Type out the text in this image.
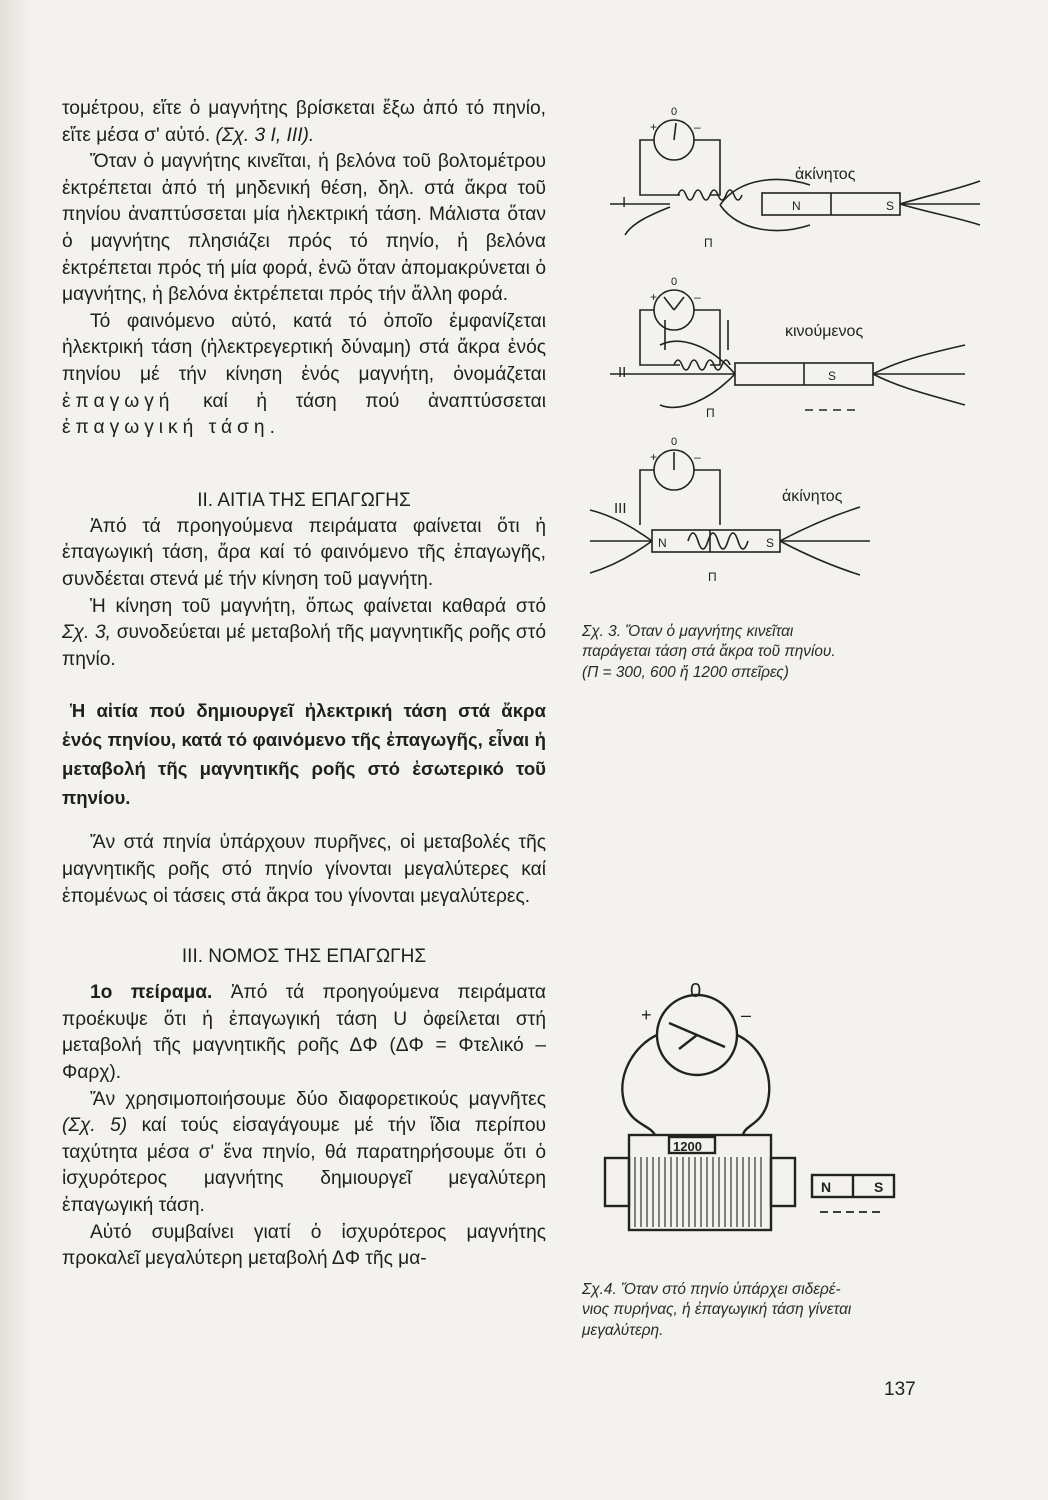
τομέτρου, εἴτε ὁ μαγνήτης βρίσκεται ἔξω ἀπό τό πηνίο, εἴτε μέσα σ' αὐτό. (Σχ. 3 Ι, ΙΙΙ).

Ὅταν ὁ μαγνήτης κινεῖται, ἡ βελόνα τοῦ βολτομέτρου ἐκτρέπεται ἀπό τή μηδενική θέση, δηλ. στά ἄκρα τοῦ πηνίου ἀναπτύσσεται μία ἠλεκτρική τάση. Μάλιστα ὅταν ὁ μαγνήτης πλησιάζει πρός τό πηνίο, ἡ βελόνα ἐκτρέπεται πρός τή μία φορά, ἐνῶ ὅταν ἀπομακρύνεται ὁ μαγνήτης, ἡ βελόνα ἐκτρέπεται πρός τήν ἄλλη φορά.

Τό φαινόμενο αὐτό, κατά τό ὁποῖο ἐμφανίζεται ἠλεκτρική τάση (ἠλεκτρεγερτική δύναμη) στά ἄκρα ἑνός πηνίου μέ τήν κίνηση ἑνός μαγνήτη, ὀνομάζεται ἐπαγωγή καί ἡ τάση πού ἀναπτύσσεται ἐπαγωγική τάση.

ΙΙ. ΑΙΤΙΑ ΤΗΣ ΕΠΑΓΩΓΗΣ

Ἀπό τά προηγούμενα πειράματα φαίνεται ὅτι ἡ ἐπαγωγική τάση, ἄρα καί τό φαινόμενο τῆς ἐπαγωγῆς, συνδέεται στενά μέ τήν κίνηση τοῦ μαγνήτη.

Ἡ κίνηση τοῦ μαγνήτη, ὅπως φαίνεται καθαρά στό Σχ. 3, συνοδεύεται μέ μεταβολή τῆς μαγνητικῆς ροῆς στό πηνίο.

Ἡ αἰτία πού δημιουργεῖ ἠλεκτρική τάση στά ἄκρα ἑνός πηνίου, κατά τό φαινόμενο τῆς ἐπαγωγῆς, εἶναι ἡ μεταβολή τῆς μαγνητικῆς ροῆς στό ἐσωτερικό τοῦ πηνίου.

Ἄν στά πηνία ὑπάρχουν πυρῆνες, οἱ μεταβολές τῆς μαγνητικῆς ροῆς στό πηνίο γίνονται μεγαλύτερες καί ἑπομένως οἱ τάσεις στά ἄκρα του γίνονται μεγαλύτερες.

ΙΙΙ. ΝΟΜΟΣ ΤΗΣ ΕΠΑΓΩΓΗΣ

1ο πείραμα. Ἀπό τά προηγούμενα πειράματα προέκυψε ὅτι ἡ ἐπαγωγική τάση U ὀφείλεται στή μεταβολή τῆς μαγνητικῆς ροῆς ΔΦ (ΔΦ = Φτελικό – Φαρχ).

Ἄν χρησιμοποιήσουμε δύο διαφορετικούς μαγνῆτες (Σχ. 5) καί τούς εἰσαγάγουμε μέ τήν ἴδια περίπου ταχύτητα μέσα σ' ἕνα πηνίο, θά παρατηρήσουμε ὅτι ὁ ἰσχυρότερος μαγνήτης δημιουργεῖ μεγαλύτερη ἐπαγωγική τάση.

Αὐτό συμβαίνει γιατί ὁ ἰσχυρότερος μαγνήτης προκαλεῖ μεγαλύτερη μεταβολή ΔΦ τῆς μα-

Ι
ΙΙ
ΙΙΙ
ἀκίνητος
κινούμενος
ἀκίνητος
Π
Π
Π
N	S
S
N	S
0
+	–
0
+	–
0
+	–
Σχ. 3. Ὅταν ὁ μαγνήτης κινεῖται
παράγεται τάση στά ἄκρα τοῦ πηνίου.
(Π = 300, 600 ἤ 1200 σπεῖρες)
0
+	–
1200
N	S
Σχ.4. Ὅταν στό πηνίο ὑπάρχει σιδερέ-
νιος πυρήνας, ἡ ἐπαγωγική τάση γίνεται
μεγαλύτερη.
137
